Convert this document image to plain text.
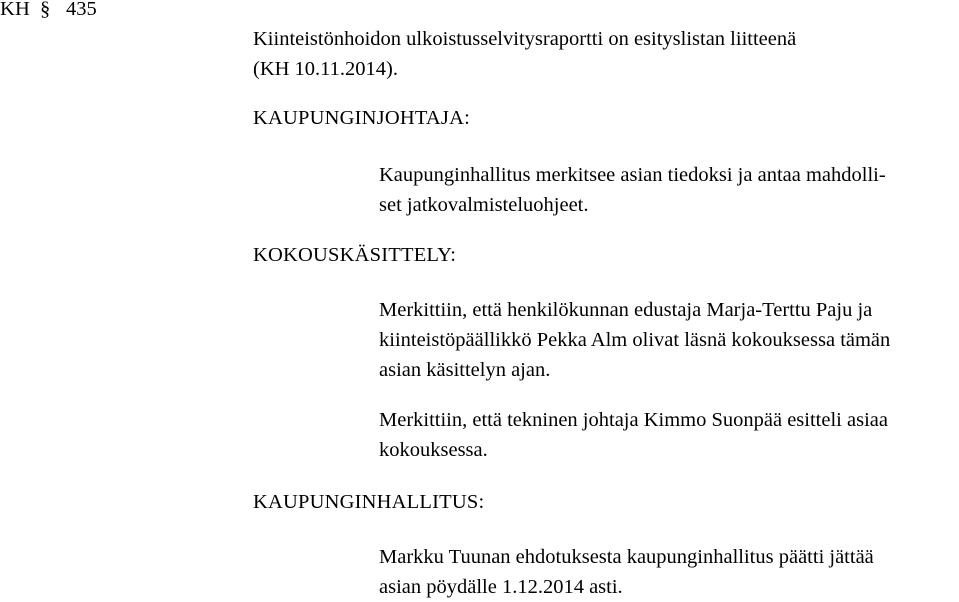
KH § 435
Kiinteistönhoidon ulkoistusselvitysraportti on esityslistan liitteenä
(KH 10.11.2014).
KAUPUNGINJOHTAJA:
Kaupunginhallitus merkitsee asian tiedoksi ja antaa mahdolli-
set jatkovalmisteluohjeet.
KOKOUSKÄSITTELY:
Merkittiin, että henkilökunnan edustaja Marja-Terttu Paju ja
kiinteistöpäällikkö Pekka Alm olivat läsnä kokouksessa tämän
asian käsittelyn ajan.
Merkittiin, että tekninen johtaja Kimmo Suonpää esitteli asiaa
kokouksessa.
KAUPUNGINHALLITUS:
Markku Tuunan ehdotuksesta kaupunginhallitus päätti jättää
asian pöydälle 1.12.2014 asti.
